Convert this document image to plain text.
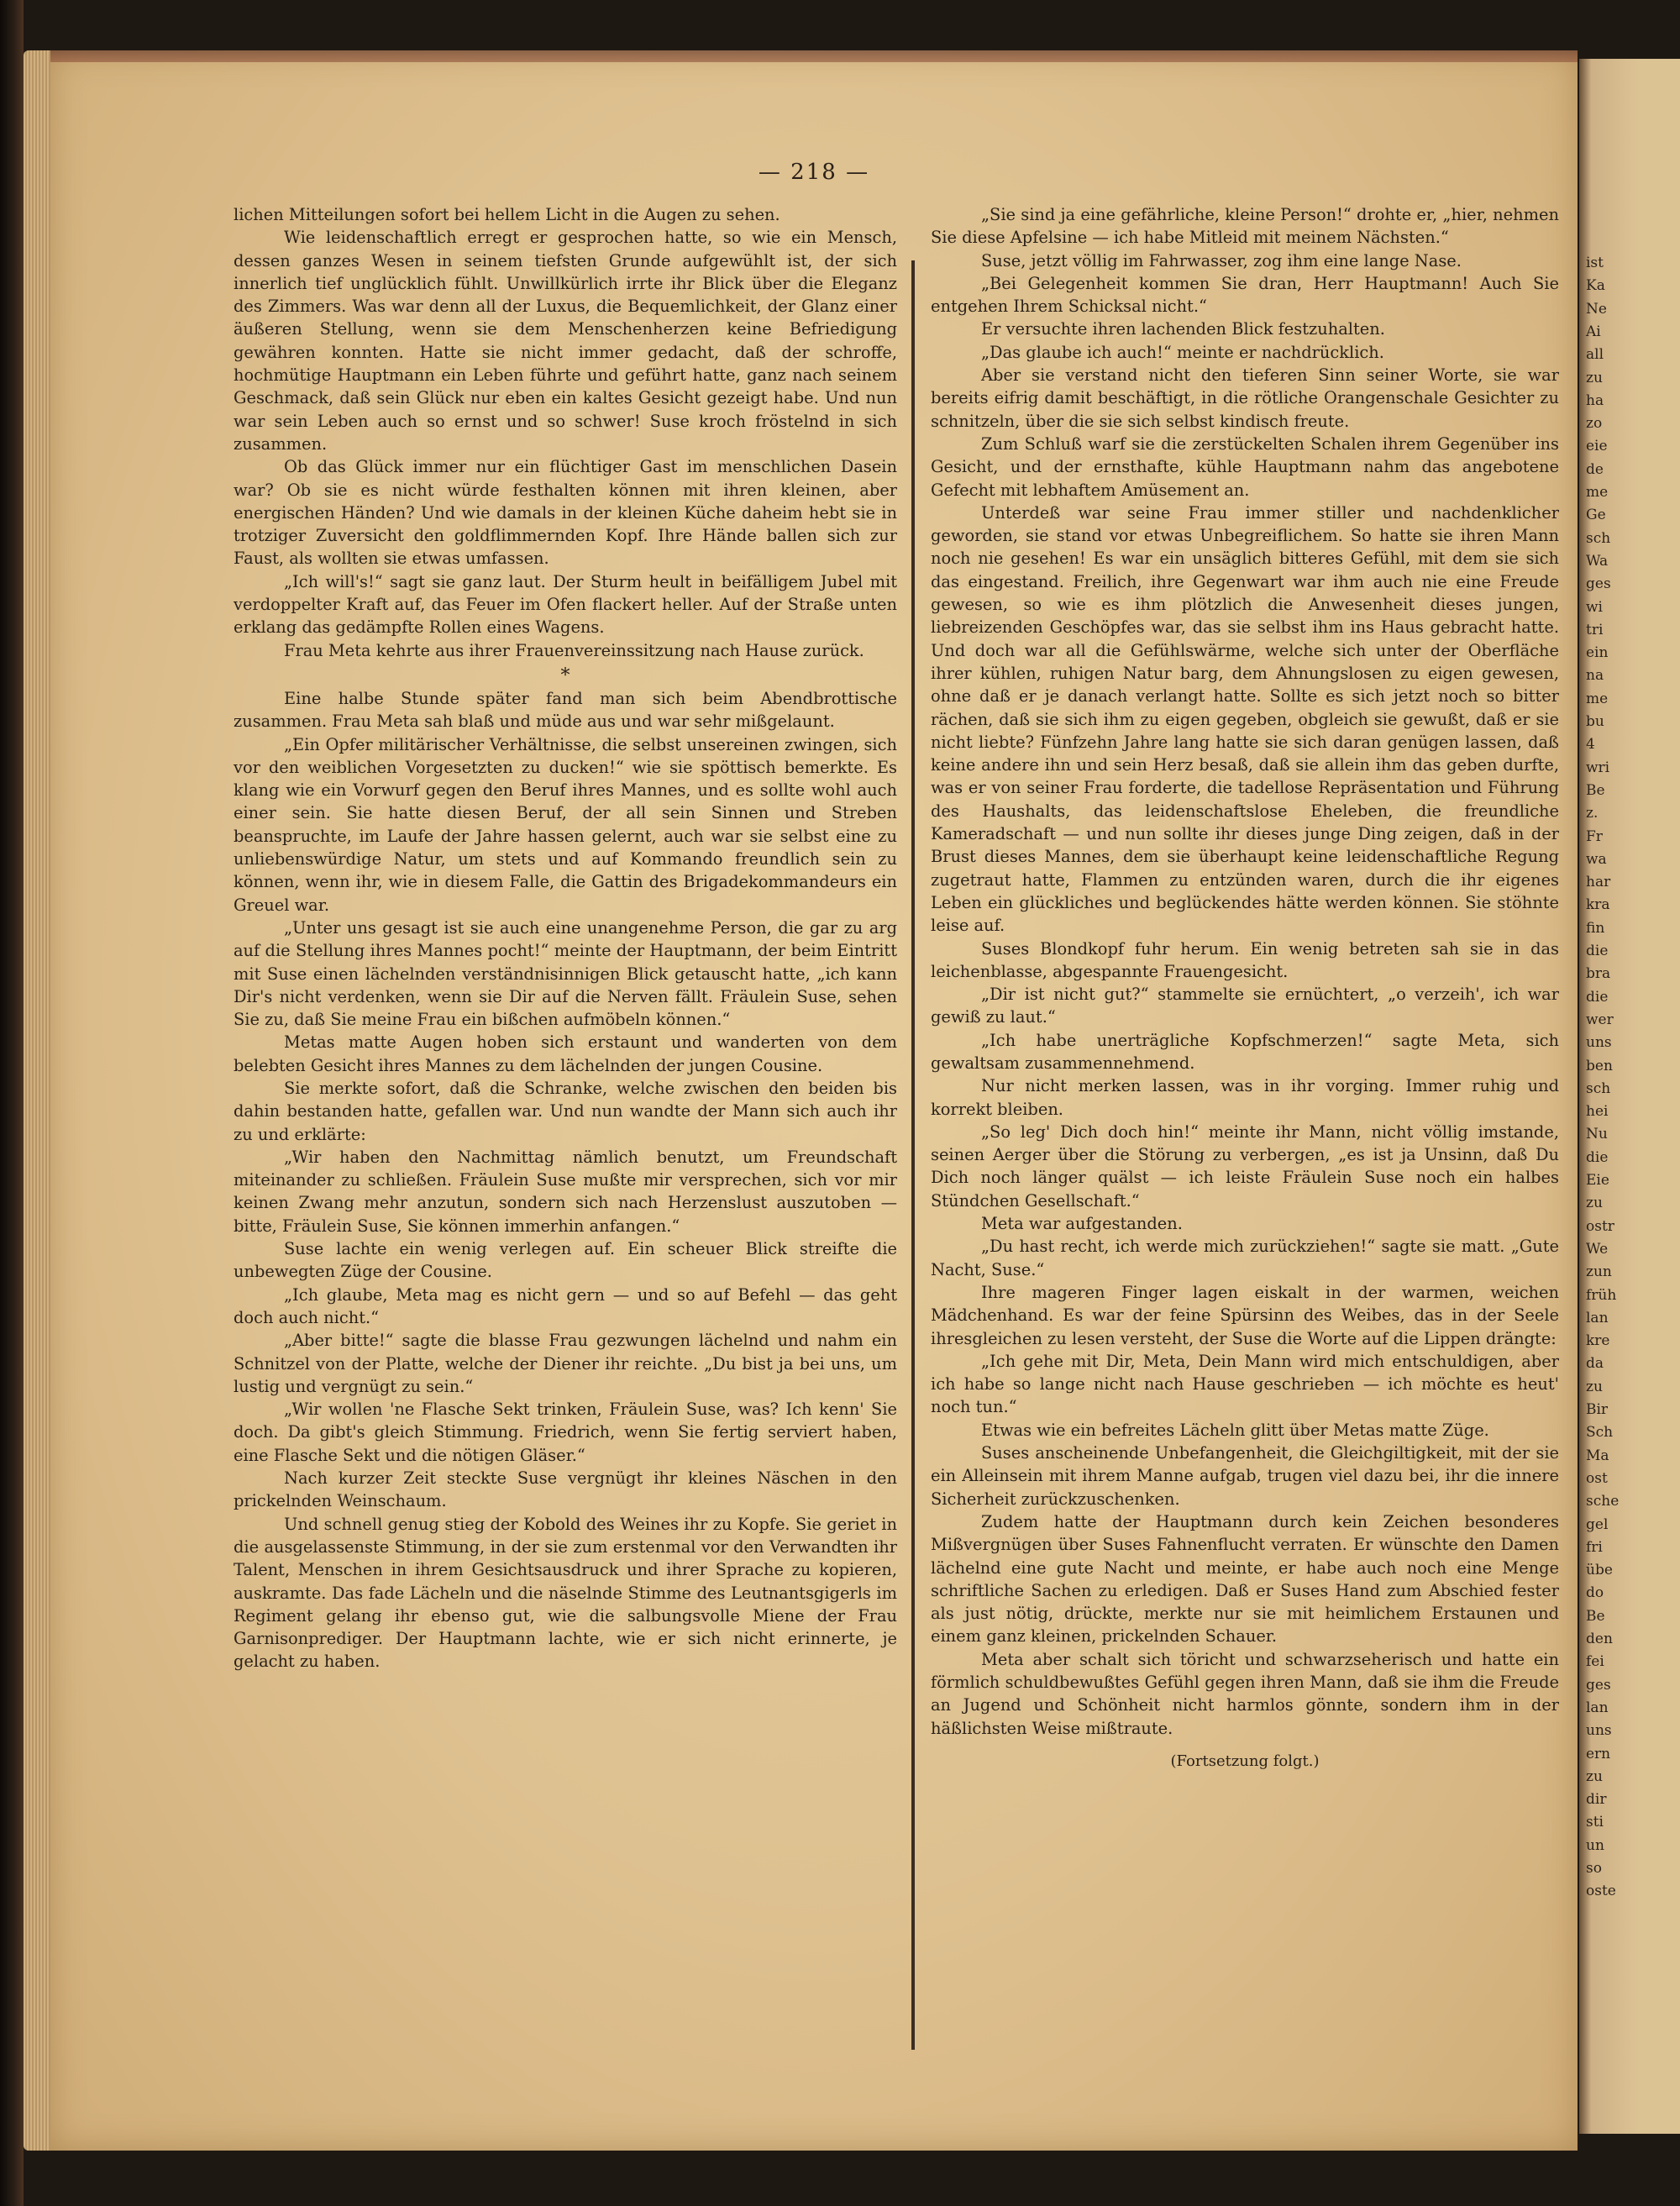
— 218 —

lichen Mitteilungen sofort bei hellem Licht in die Augen zu sehen.

Wie leidenschaftlich erregt er gesprochen hatte, so wie ein Mensch, dessen ganzes Wesen in seinem tiefsten Grunde aufgewühlt ist, der sich innerlich tief unglücklich fühlt. Unwillkürlich irrte ihr Blick über die Eleganz des Zimmers. Was war denn all der Luxus, die Bequemlichkeit, der Glanz einer äußeren Stellung, wenn sie dem Menschenherzen keine Befriedigung gewähren konnten. Hatte sie nicht immer gedacht, daß der schroffe, hochmütige Hauptmann ein Leben führte und geführt hatte, ganz nach seinem Geschmack, daß sein Glück nur eben ein kaltes Gesicht gezeigt habe. Und nun war sein Leben auch so ernst und so schwer! Suse kroch fröstelnd in sich zusammen.

Ob das Glück immer nur ein flüchtiger Gast im menschlichen Dasein war? Ob sie es nicht würde festhalten können mit ihren kleinen, aber energischen Händen? Und wie damals in der kleinen Küche daheim hebt sie in trotziger Zuversicht den goldflimmernden Kopf. Ihre Hände ballen sich zur Faust, als wollten sie etwas umfassen.

„Ich will's!“ sagt sie ganz laut. Der Sturm heult in beifälligem Jubel mit verdoppelter Kraft auf, das Feuer im Ofen flackert heller. Auf der Straße unten erklang das gedämpfte Rollen eines Wagens.

Frau Meta kehrte aus ihrer Frauenvereinssitzung nach Hause zurück.

*

Eine halbe Stunde später fand man sich beim Abendbrottische zusammen. Frau Meta sah blaß und müde aus und war sehr mißgelaunt.

„Ein Opfer militärischer Verhältnisse, die selbst unsereinen zwingen, sich vor den weiblichen Vorgesetzten zu ducken!“ wie sie spöttisch bemerkte. Es klang wie ein Vorwurf gegen den Beruf ihres Mannes, und es sollte wohl auch einer sein. Sie hatte diesen Beruf, der all sein Sinnen und Streben beanspruchte, im Laufe der Jahre hassen gelernt, auch war sie selbst eine zu unliebenswürdige Natur, um stets und auf Kommando freundlich sein zu können, wenn ihr, wie in diesem Falle, die Gattin des Brigadekommandeurs ein Greuel war.

„Unter uns gesagt ist sie auch eine unangenehme Person, die gar zu arg auf die Stellung ihres Mannes pocht!“ meinte der Hauptmann, der beim Eintritt mit Suse einen lächelnden verständnisinnigen Blick getauscht hatte, „ich kann Dir's nicht verdenken, wenn sie Dir auf die Nerven fällt. Fräulein Suse, sehen Sie zu, daß Sie meine Frau ein bißchen aufmöbeln können.“

Metas matte Augen hoben sich erstaunt und wanderten von dem belebten Gesicht ihres Mannes zu dem lächelnden der jungen Cousine.

Sie merkte sofort, daß die Schranke, welche zwischen den beiden bis dahin bestanden hatte, gefallen war. Und nun wandte der Mann sich auch ihr zu und erklärte:

„Wir haben den Nachmittag nämlich benutzt, um Freundschaft miteinander zu schließen. Fräulein Suse mußte mir versprechen, sich vor mir keinen Zwang mehr anzutun, sondern sich nach Herzenslust auszutoben — bitte, Fräulein Suse, Sie können immerhin anfangen.“

Suse lachte ein wenig verlegen auf. Ein scheuer Blick streifte die unbewegten Züge der Cousine.

„Ich glaube, Meta mag es nicht gern — und so auf Befehl — das geht doch auch nicht.“

„Aber bitte!“ sagte die blasse Frau gezwungen lächelnd und nahm ein Schnitzel von der Platte, welche der Diener ihr reichte. „Du bist ja bei uns, um lustig und vergnügt zu sein.“

„Wir wollen 'ne Flasche Sekt trinken, Fräulein Suse, was? Ich kenn' Sie doch. Da gibt's gleich Stimmung. Friedrich, wenn Sie fertig serviert haben, eine Flasche Sekt und die nötigen Gläser.“

Nach kurzer Zeit steckte Suse vergnügt ihr kleines Näschen in den prickelnden Weinschaum.

Und schnell genug stieg der Kobold des Weines ihr zu Kopfe. Sie geriet in die ausgelassenste Stimmung, in der sie zum erstenmal vor den Verwandten ihr Talent, Menschen in ihrem Gesichtsausdruck und ihrer Sprache zu kopieren, auskramte. Das fade Lächeln und die näselnde Stimme des Leutnantsgigerls im Regiment gelang ihr ebenso gut, wie die salbungsvolle Miene der Frau Garnisonprediger. Der Hauptmann lachte, wie er sich nicht erinnerte, je gelacht zu haben.

„Sie sind ja eine gefährliche, kleine Person!“ drohte er, „hier, nehmen Sie diese Apfelsine — ich habe Mitleid mit meinem Nächsten.“

Suse, jetzt völlig im Fahrwasser, zog ihm eine lange Nase.

„Bei Gelegenheit kommen Sie dran, Herr Hauptmann! Auch Sie entgehen Ihrem Schicksal nicht.“

Er versuchte ihren lachenden Blick festzuhalten.

„Das glaube ich auch!“ meinte er nachdrücklich.

Aber sie verstand nicht den tieferen Sinn seiner Worte, sie war bereits eifrig damit beschäftigt, in die rötliche Orangenschale Gesichter zu schnitzeln, über die sie sich selbst kindisch freute.

Zum Schluß warf sie die zerstückelten Schalen ihrem Gegenüber ins Gesicht, und der ernsthafte, kühle Hauptmann nahm das angebotene Gefecht mit lebhaftem Amüsement an.

Unterdeß war seine Frau immer stiller und nachdenklicher geworden, sie stand vor etwas Unbegreiflichem. So hatte sie ihren Mann noch nie gesehen! Es war ein unsäglich bitteres Gefühl, mit dem sie sich das eingestand. Freilich, ihre Gegenwart war ihm auch nie eine Freude gewesen, so wie es ihm plötzlich die Anwesenheit dieses jungen, liebreizenden Geschöpfes war, das sie selbst ihm ins Haus gebracht hatte. Und doch war all die Gefühlswärme, welche sich unter der Oberfläche ihrer kühlen, ruhigen Natur barg, dem Ahnungslosen zu eigen gewesen, ohne daß er je danach verlangt hatte. Sollte es sich jetzt noch so bitter rächen, daß sie sich ihm zu eigen gegeben, obgleich sie gewußt, daß er sie nicht liebte? Fünfzehn Jahre lang hatte sie sich daran genügen lassen, daß keine andere ihn und sein Herz besaß, daß sie allein ihm das geben durfte, was er von seiner Frau forderte, die tadellose Repräsentation und Führung des Haushalts, das leidenschaftslose Eheleben, die freundliche Kameradschaft — und nun sollte ihr dieses junge Ding zeigen, daß in der Brust dieses Mannes, dem sie überhaupt keine leidenschaftliche Regung zugetraut hatte, Flammen zu entzünden waren, durch die ihr eigenes Leben ein glückliches und beglückendes hätte werden können. Sie stöhnte leise auf.

Suses Blondkopf fuhr herum. Ein wenig betreten sah sie in das leichenblasse, abgespannte Frauengesicht.

„Dir ist nicht gut?“ stammelte sie ernüchtert, „o verzeih', ich war gewiß zu laut.“

„Ich habe unerträgliche Kopfschmerzen!“ sagte Meta, sich gewaltsam zusammennehmend.

Nur nicht merken lassen, was in ihr vorging. Immer ruhig und korrekt bleiben.

„So leg' Dich doch hin!“ meinte ihr Mann, nicht völlig imstande, seinen Aerger über die Störung zu verbergen, „es ist ja Unsinn, daß Du Dich noch länger quälst — ich leiste Fräulein Suse noch ein halbes Stündchen Gesellschaft.“

Meta war aufgestanden.

„Du hast recht, ich werde mich zurückziehen!“ sagte sie matt. „Gute Nacht, Suse.“

Ihre mageren Finger lagen eiskalt in der warmen, weichen Mädchenhand. Es war der feine Spürsinn des Weibes, das in der Seele ihresgleichen zu lesen versteht, der Suse die Worte auf die Lippen drängte:

„Ich gehe mit Dir, Meta, Dein Mann wird mich entschuldigen, aber ich habe so lange nicht nach Hause geschrieben — ich möchte es heut' noch tun.“

Etwas wie ein befreites Lächeln glitt über Metas matte Züge.

Suses anscheinende Unbefangenheit, die Gleichgiltigkeit, mit der sie ein Alleinsein mit ihrem Manne aufgab, trugen viel dazu bei, ihr die innere Sicherheit zurückzuschenken.

Zudem hatte der Hauptmann durch kein Zeichen besonderes Mißvergnügen über Suses Fahnenflucht verraten. Er wünschte den Damen lächelnd eine gute Nacht und meinte, er habe auch noch eine Menge schriftliche Sachen zu erledigen. Daß er Suses Hand zum Abschied fester als just nötig, drückte, merkte nur sie mit heimlichem Erstaunen und einem ganz kleinen, prickelnden Schauer.

Meta aber schalt sich töricht und schwarzseherisch und hatte ein förmlich schuldbewußtes Gefühl gegen ihren Mann, daß sie ihm die Freude an Jugend und Schönheit nicht harmlos gönnte, sondern ihm in der häßlichsten Weise mißtraute.

(Fortsetzung folgt.)
ist
Ka
Ne
Ai
all
zu
ha
zo
eie
de
me
Ge
sch
Wa
ges
wi
tri
ein
na
me
bu
4
wri
Be
z.
Fr
wa
har
kra
fin
die
bra
die
wer
uns
ben
sch
hei
Nu
die
Eie
zu
ostr
We
zun
früh
lan
kre
da
zu
Bir
Sch
Ma
ost
sche
gel
fri
übe
do
Be
den
fei
ges
lan
uns
ern
zu
dir
sti
un
so
oste
